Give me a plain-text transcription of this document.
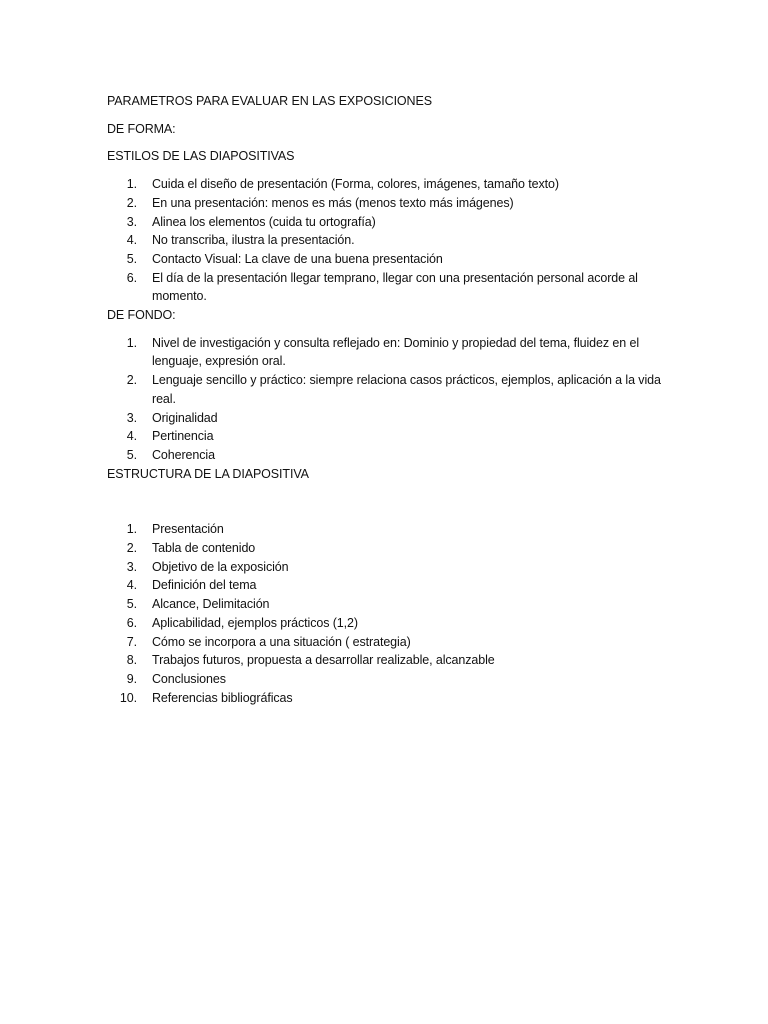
PARAMETROS PARA EVALUAR EN LAS EXPOSICIONES

DE FORMA:

ESTILOS DE LAS DIAPOSITIVAS

1. Cuida el diseño de presentación (Forma, colores, imágenes, tamaño texto)
2. En una presentación: menos es más (menos texto más imágenes)
3. Alinea los elementos (cuida tu ortografía)
4. No transcriba, ilustra la presentación.
5. Contacto Visual: La clave de una buena presentación
6. El día de la presentación llegar temprano, llegar con una presentación personal acorde al momento.

DE FONDO:

1. Nivel de investigación y consulta reflejado en: Dominio y propiedad del tema, fluidez en el lenguaje, expresión oral.
2. Lenguaje sencillo y práctico: siempre relaciona casos prácticos, ejemplos, aplicación a la vida real.
3. Originalidad
4. Pertinencia
5. Coherencia

ESTRUCTURA DE LA DIAPOSITIVA

1. Presentación
2. Tabla de contenido
3. Objetivo de la exposición
4. Definición del tema
5. Alcance, Delimitación
6. Aplicabilidad, ejemplos prácticos (1,2)
7. Cómo se incorpora a una situación ( estrategia)
8. Trabajos futuros, propuesta a desarrollar realizable, alcanzable
9. Conclusiones
10. Referencias bibliográficas
